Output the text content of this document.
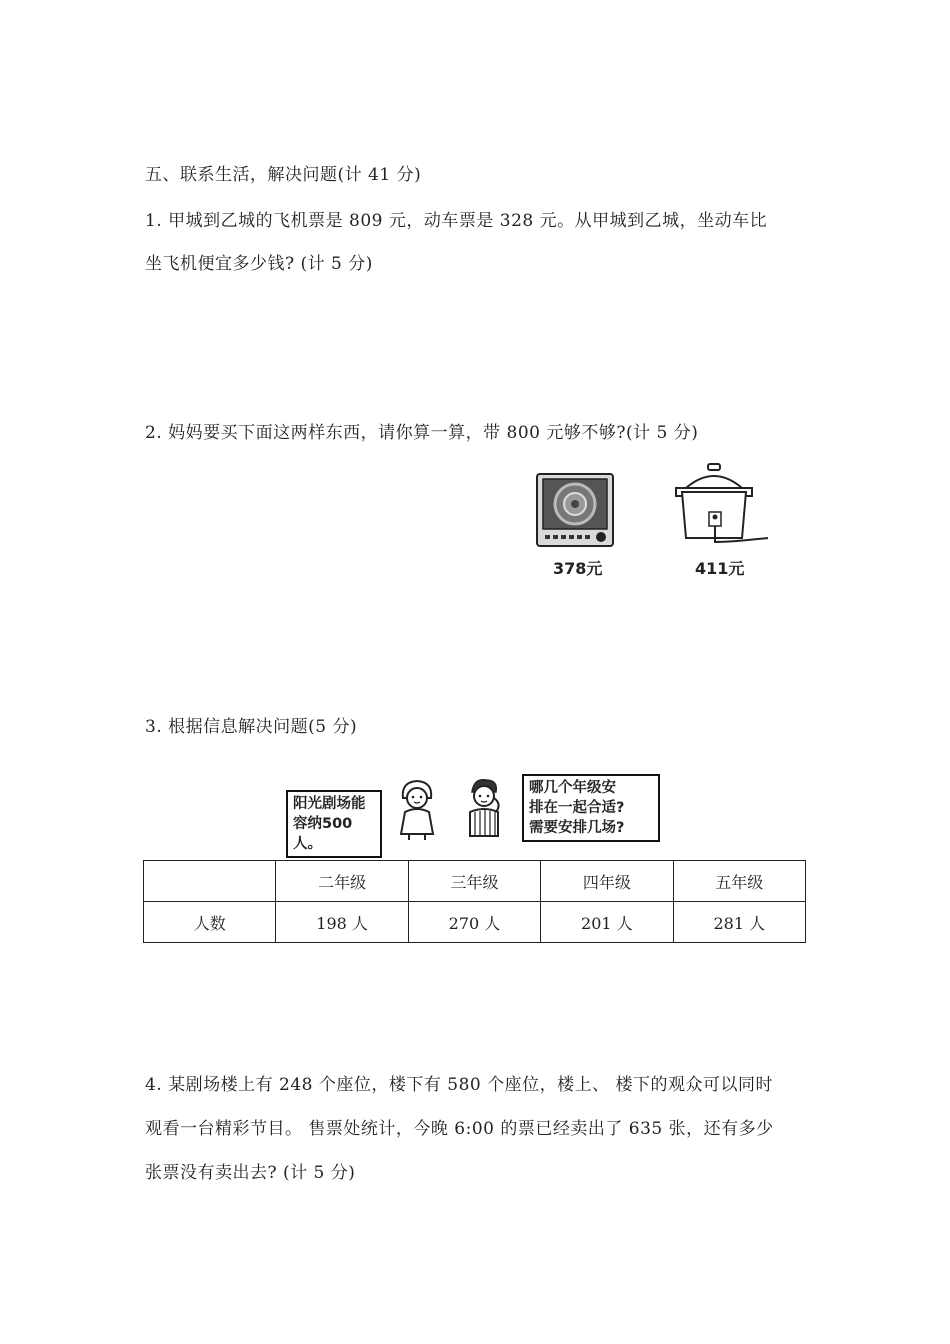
五、联系生活，解决问题(计 41 分)
1. 甲城到乙城的飞机票是 809 元，动车票是 328 元。从甲城到乙城，坐动车比
坐飞机便宜多少钱? (计 5 分)
2. 妈妈要买下面这两样东西，请你算一算，带 800 元够不够?(计 5 分)
378元	411元
3. 根据信息解决问题(5 分)
阳光剧场能
容纳500人。
哪几个年级安
排在一起合适?
需要安排几场?
	二年级	三年级	四年级	五年级
人数	198 人	270 人	201 人	281 人
4. 某剧场楼上有 248 个座位，楼下有 580 个座位，楼上、 楼下的观众可以同时
观看一台精彩节目。 售票处统计，今晚 6:00 的票已经卖出了 635 张，还有多少
张票没有卖出去? (计 5 分)
